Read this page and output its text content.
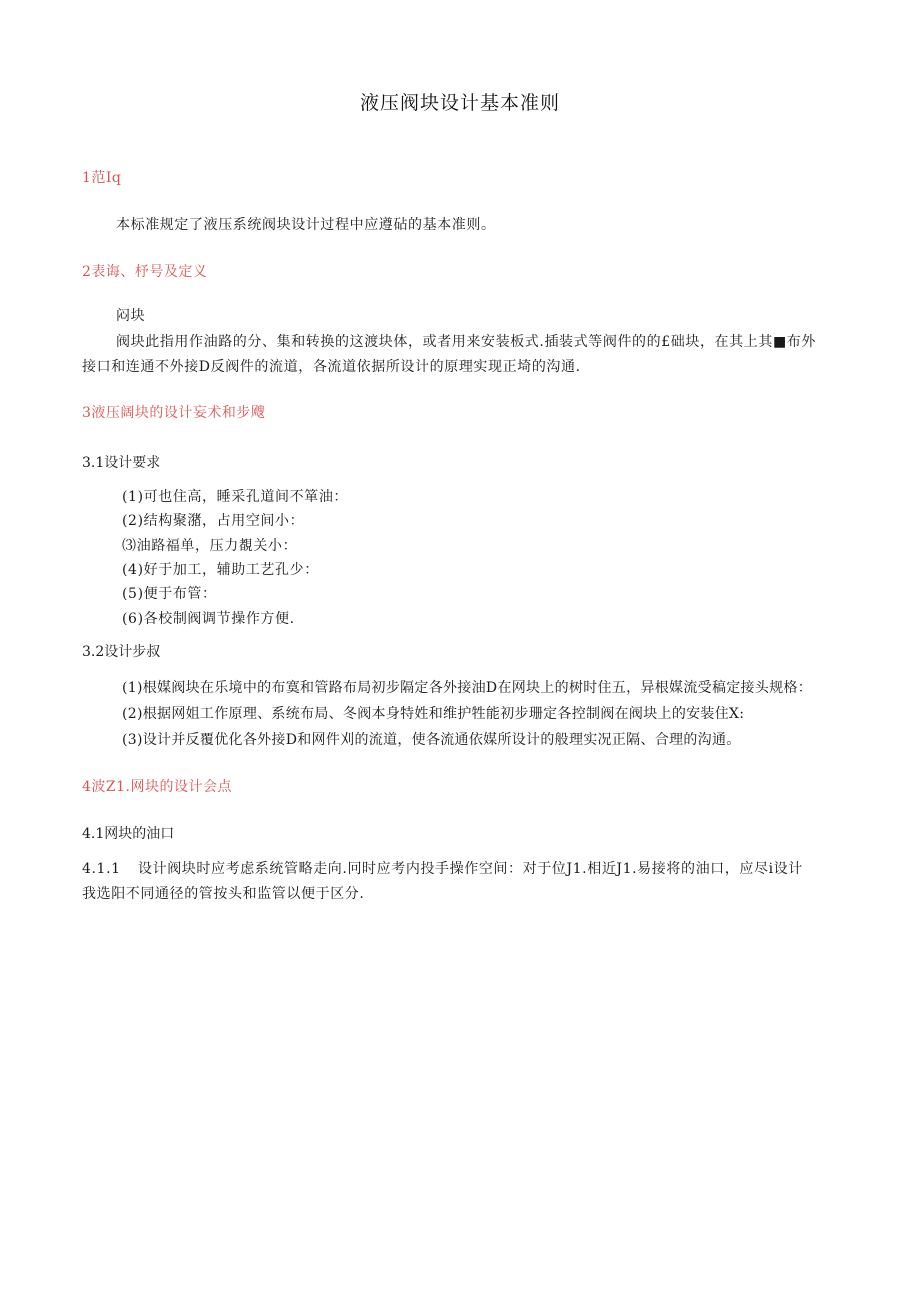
液压阀块设计基本准则
1范Iq
本标准规定了液压系统阀块设计过程中应遵砧的基本准则。
2表诲、杼号及定义
闷块
阀块此指用作油路的分、集和转换的这渡块体，或者用来安装板式.插装式等阀件的的£础块，在其上其■布外
接口和连通不外接D反阀件的流道，各流道依据所设计的原理实现正埼的沟通.
3液压阔块的设计妄术和步飕
3.1设计要求
(1)可也住高，睡采孔道间不箪油：
(2)结构聚潴，占用空间小：
⑶油路福单，压力覩关小：
(4)好于加工，辅助工艺孔少：
(5)便于布管：
(6)各校制阀调节操作方便.
3.2设计步叔
(1)根媒阀块在乐境中的布寞和管路布局初步隔定各外接油D在网块上的树时住五，异根媒流受稿定接头规格：
(2)根据网姐工作原理、系统布局、冬阀本身特姓和维护牲能初步珊定各控制阀在阀块上的安装住X:
(3)设计并反覆优化各外接D和网件刈的流道，使各流通依媒所设计的般理实况正隔、合理的沟通。
4波Z1.网块的设计会点
4.1网块的油口
4.1.1 设计阀块时应考虑系统管略走向.冋时应考内投手操作空间：对于位J1.相近J1.易接将的油口，应尽i设计
我选阳不同通径的管按头和监管以便于区分.
